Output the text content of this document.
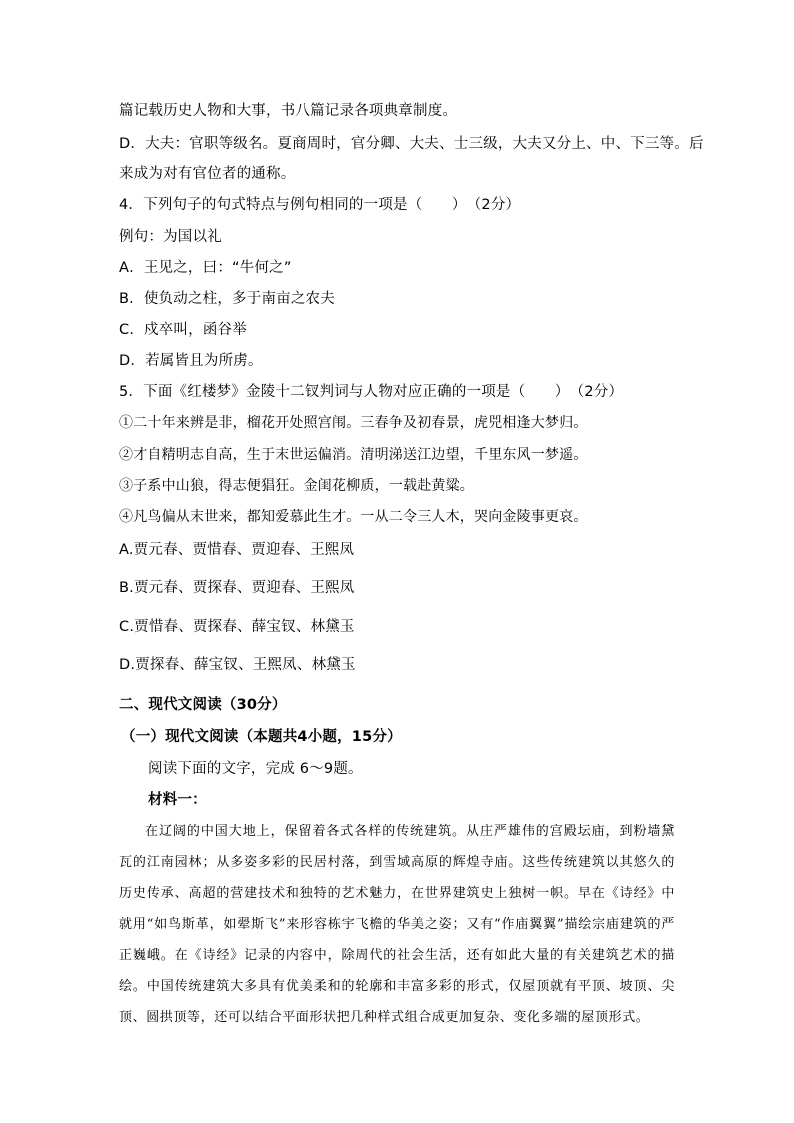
篇记载历史人物和大事，书八篇记录各项典章制度。
D．大夫：官职等级名。夏商周时，官分卿、大夫、士三级，大夫又分上、中、下三等。后
来成为对有官位者的通称。
4．下列句子的句式特点与例句相同的一项是（　　）　（2分）
例句：为国以礼
A．王见之，曰：“牛何之”
B．使负动之柱，多于南亩之农夫
C．戍卒叫，函谷举
D．若属皆且为所虏。
5．下面《红楼梦》金陵十二钗判词与人物对应正确的一项是（　　）　（2分）
①二十年来辨是非，榴花开处照宫闱。三春争及初春景，虎兕相逢大梦归。
②才自精明志自高，生于末世运偏消。清明涕送江边望，千里东风一梦遥。
③子系中山狼，得志便猖狂。金闺花柳质，一载赴黄粱。
④凡鸟偏从末世来，都知爱慕此生才。一从二令三人木，哭向金陵事更哀。
A.贾元春、贾惜春、贾迎春、王熙凤
B.贾元春、贾探春、贾迎春、王熙凤
C.贾惜春、贾探春、薛宝钗、林黛玉
D.贾探春、薛宝钗、王熙凤、林黛玉
二、现代文阅读（30分）
（一）现代文阅读（本题共4小题，15分）
阅读下面的文字，完成 6～9题。
材料一：

在辽阔的中国大地上，保留着各式各样的传统建筑。从庄严雄伟的宫殿坛庙，到粉墙黛瓦的江南园林；从多姿多彩的民居村落，到雪域高原的辉煌寺庙。这些传统建筑以其悠久的历史传承、高超的营建技术和独特的艺术魅力，在世界建筑史上独树一帜。早在《诗经》中就用“如鸟斯革，如翚斯飞”来形容栋宇飞檐的华美之姿；又有“作庙翼翼”描绘宗庙建筑的严正巍峨。在《诗经》记录的内容中，除周代的社会生活，还有如此大量的有关建筑艺术的描绘。中国传统建筑大多具有优美柔和的轮廓和丰富多彩的形式，仅屋顶就有平顶、坡顶、尖顶、圆拱顶等，还可以结合平面形状把几种样式组合成更加复杂、变化多端的屋顶形式。
